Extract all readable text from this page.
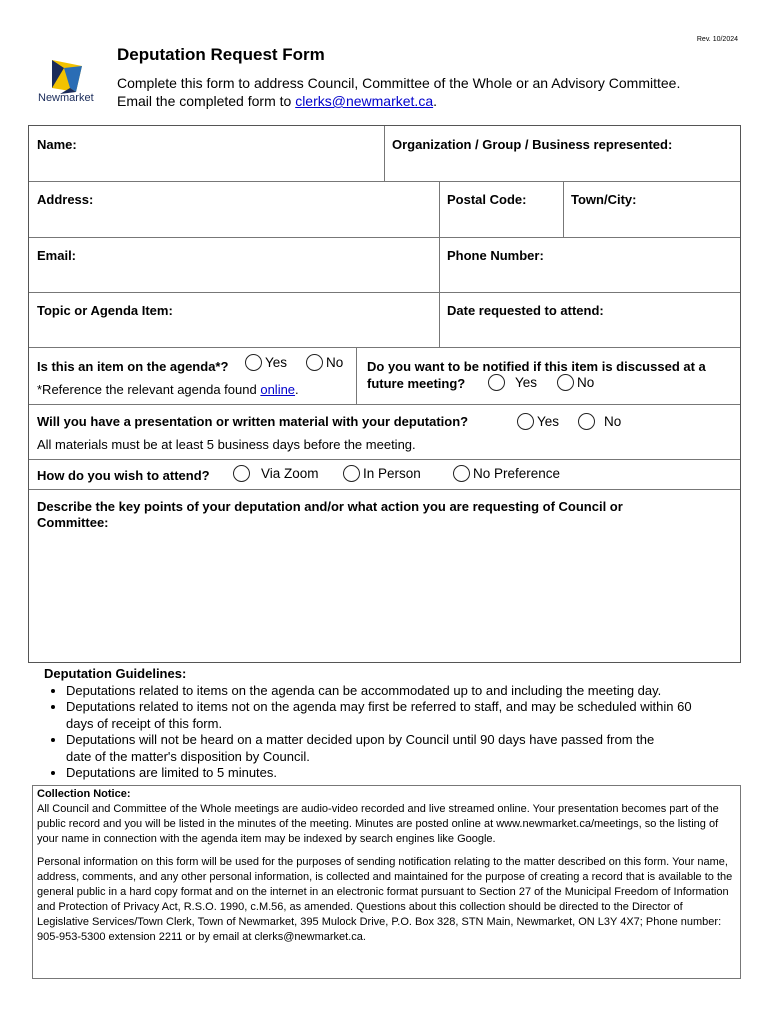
Rev. 10/2024
Newmarket
Deputation Request Form
Complete this form to address Council, Committee of the Whole or an Advisory Committee.
Email the completed form to clerks@newmarket.ca.
Name:	Organization / Group / Business represented:
Address:	Postal Code:	Town/City:
Email:	Phone Number:
Topic or Agenda Item:	Date requested to attend:
Is this an item on the agenda*?	Yes	No
*Reference the relevant agenda found online.
Do you want to be notified if this item is discussed at a
future meeting?	Yes	No
Will you have a presentation or written material with your deputation?	Yes	No
All materials must be at least 5 business days before the meeting.
How do you wish to attend?	Via Zoom	In Person	No Preference
Describe the key points of your deputation and/or what action you are requesting of Council or
Committee:
Deputation Guidelines:
• Deputations related to items on the agenda can be accommodated up to and including the meeting day.
• Deputations related to items not on the agenda may first be referred to staff, and may be scheduled within 60 days of receipt of this form.
• Deputations will not be heard on a matter decided upon by Council until 90 days have passed from the date of the matter's disposition by Council.
• Deputations are limited to 5 minutes.

Collection Notice:

All Council and Committee of the Whole meetings are audio-video recorded and live streamed online. Your presentation becomes part of the public record and you will be listed in the minutes of the meeting. Minutes are posted online at www.newmarket.ca/meetings, so the listing of your name in connection with the agenda item may be indexed by search engines like Google.

Personal information on this form will be used for the purposes of sending notification relating to the matter described on this form. Your name, address, comments, and any other personal information, is collected and maintained for the purpose of creating a record that is available to the general public in a hard copy format and on the internet in an electronic format pursuant to Section 27 of the Municipal Freedom of Information and Protection of Privacy Act, R.S.O. 1990, c.M.56, as amended. Questions about this collection should be directed to the Director of Legislative Services/Town Clerk, Town of Newmarket, 395 Mulock Drive, P.O. Box 328, STN Main, Newmarket, ON L3Y 4X7; Phone number: 905-953-5300 extension 2211 or by email at clerks@newmarket.ca.
